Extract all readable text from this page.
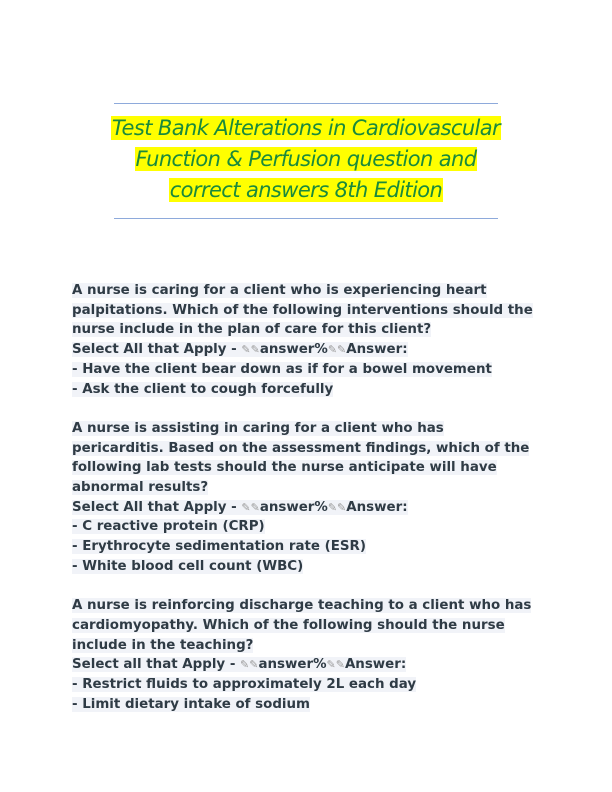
Test Bank Alterations in Cardiovascular
Function & Perfusion question and
correct answers 8th Edition
A nurse is caring for a client who is experiencing heart
palpitations. Which of the following interventions should the
nurse include in the plan of care for this client?
Select All that Apply - ✎✎answer%✎✎Answer:
- Have the client bear down as if for a bowel movement
- Ask the client to cough forcefully
A nurse is assisting in caring for a client who has
pericarditis. Based on the assessment findings, which of the
following lab tests should the nurse anticipate will have
abnormal results?
Select All that Apply - ✎✎answer%✎✎Answer:
- C reactive protein (CRP)
- Erythrocyte sedimentation rate (ESR)
- White blood cell count (WBC)
A nurse is reinforcing discharge teaching to a client who has
cardiomyopathy. Which of the following should the nurse
include in the teaching?
Select all that Apply - ✎✎answer%✎✎Answer:
- Restrict fluids to approximately 2L each day
- Limit dietary intake of sodium
